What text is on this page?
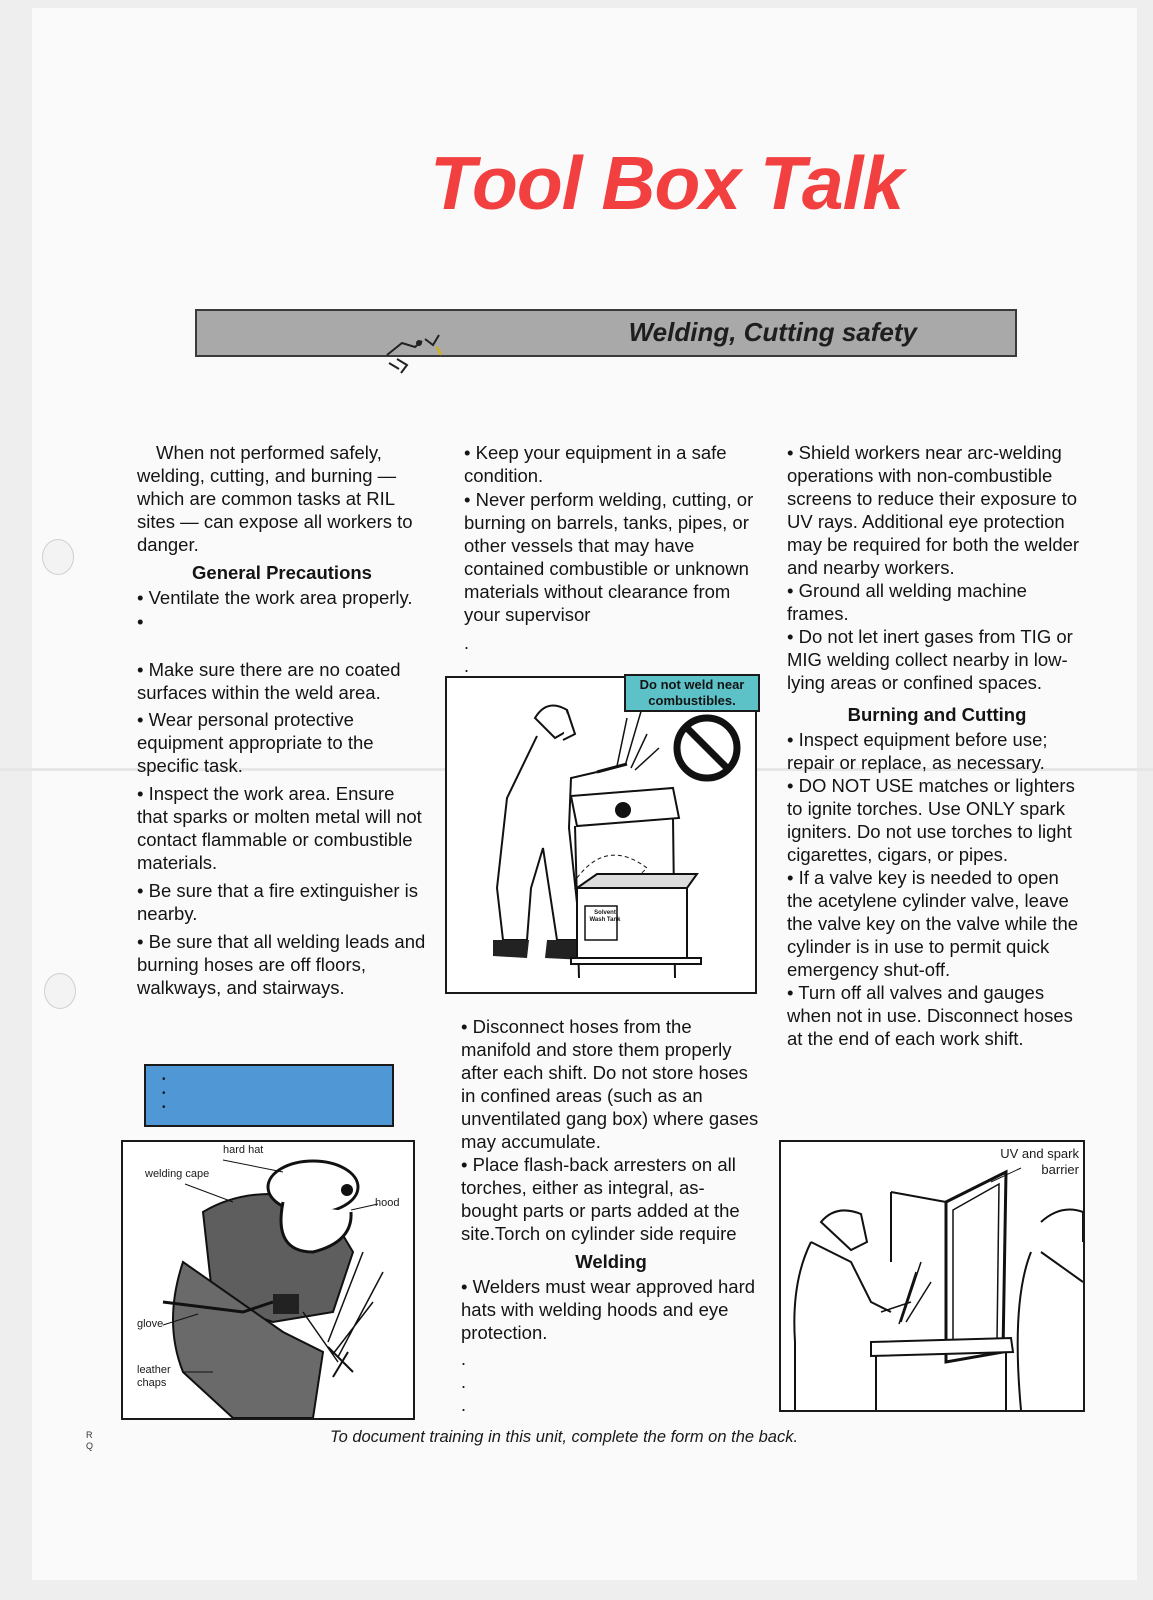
Tool Box Talk
Welding, Cutting safety

When not performed safely, welding, cutting, and burning — which are common tasks at RIL sites — can expose all workers to danger.

General Precautions

• Ventilate the work area properly.

•

• Make sure there are no coated surfaces within the weld area.

• Wear personal protective equipment appropriate to the specific task.

• Inspect the work area. Ensure that sparks or molten metal will not contact flammable or combustible materials.

• Be sure that a fire extinguisher is nearby.

• Be sure that all welding leads and burning hoses are off floors, walkways, and stairways.

•
•
•
hard hat
welding cape
hood
glove
leather chaps

• Keep your equipment in a safe condition.

• Never perform welding, cutting, or burning on barrels, tanks, pipes, or other vessels that may have contained combustible or unknown materials without clearance from your supervisor

.

.

Solvent Wash Tank
Do not weld near combustibles.

• Disconnect hoses from the manifold and store them properly after each shift. Do not store hoses in confined areas (such as an unventilated gang box) where gases may accumulate.

• Place flash-back arresters on all torches, either as integral, as-bought parts or parts added at the site.Torch on cylinder side require

Welding

• Welders must wear approved hard hats with welding hoods and eye protection.

.

.

.

• Shield workers near arc-welding operations with non-combustible screens to reduce their exposure to UV rays. Additional eye protection may be required for both the welder and nearby workers.

• Ground all welding machine frames.

• Do not let inert gases from TIG or MIG welding collect nearby in low-lying areas or confined spaces.

Burning and Cutting

• Inspect equipment before use; repair or replace, as necessary.

• DO NOT USE matches or lighters to ignite torches. Use ONLY spark igniters. Do not use torches to light cigarettes, cigars, or pipes.

• If a valve key is needed to open the acetylene cylinder valve, leave the valve key on the valve while the cylinder is in use to permit quick emergency shut-off.

• Turn off all valves and gauges when not in use. Disconnect hoses at the end of each work shift.

UV and spark barrier
To document training in this unit, complete the form on the back.
R Q
